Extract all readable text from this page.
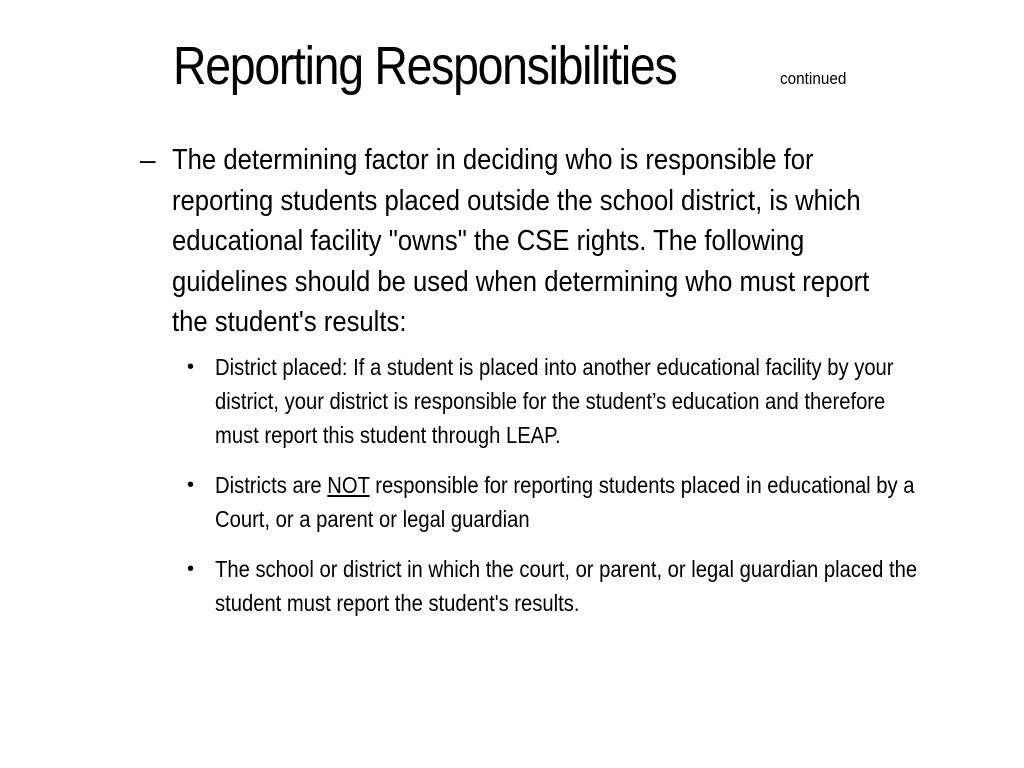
Reporting Responsibilities	continued
– The determining factor in deciding who is responsible for reporting students placed outside the school district, is which educational facility "owns" the CSE rights. The following guidelines should be used when determining who must report the student's results:
• District placed: If a student is placed into another educational facility by your district, your district is responsible for the student’s education and therefore must report this student through LEAP.
• Districts are NOT responsible for reporting students placed in educational by a Court, or a parent or legal guardian
• The school or district in which the court, or parent, or legal guardian placed the student must report the student's results.
